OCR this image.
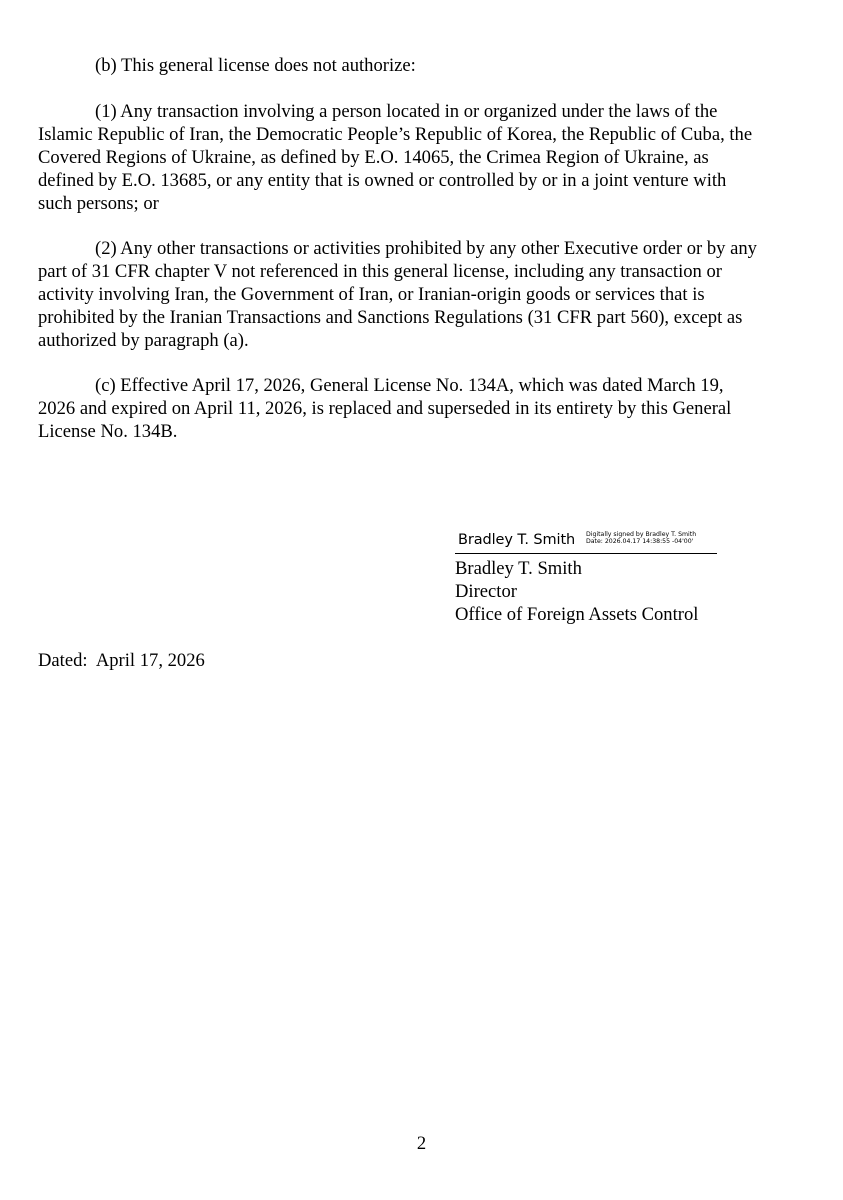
(b) This general license does not authorize:

(1) Any transaction involving a person located in or organized under the laws of the
Islamic Republic of Iran, the Democratic People’s Republic of Korea, the Republic of Cuba, the
Covered Regions of Ukraine, as defined by E.O. 14065, the Crimea Region of Ukraine, as
defined by E.O. 13685, or any entity that is owned or controlled by or in a joint venture with
such persons; or

(2) Any other transactions or activities prohibited by any other Executive order or by any
part of 31 CFR chapter V not referenced in this general license, including any transaction or
activity involving Iran, the Government of Iran, or Iranian-origin goods or services that is
prohibited by the Iranian Transactions and Sanctions Regulations (31 CFR part 560), except as
authorized by paragraph (a).

(c) Effective April 17, 2026, General License No. 134A, which was dated March 19,
2026 and expired on April 11, 2026, is replaced and superseded in its entirety by this General
License No. 134B.

Bradley T. Smith Digitally signed by Bradley T. Smith
Date: 2026.04.17 14:38:55 -04'00'
Bradley T. Smith
Director
Office of Foreign Assets Control
Dated:  April 17, 2026
2
